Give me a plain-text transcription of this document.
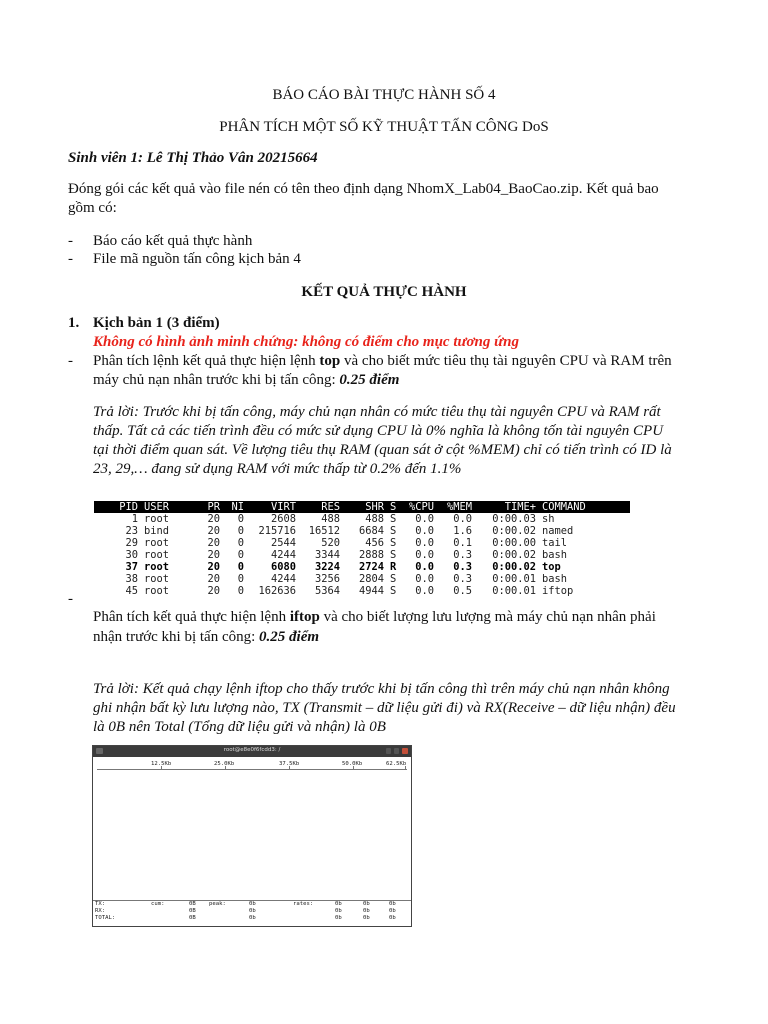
BÁO CÁO BÀI THỰC HÀNH SỐ 4
PHÂN TÍCH MỘT SỐ KỸ THUẬT TẤN CÔNG DoS
Sinh viên 1: Lê Thị Thảo Vân 20215664
Đóng gói các kết quả vào file nén có tên theo định dạng NhomX_Lab04_BaoCao.zip. Kết quả bao
gồm có:
- Báo cáo kết quả thực hành
- File mã nguồn tấn công kịch bản 4
KẾT QUẢ THỰC HÀNH
1. Kịch bản 1 (3 điểm)
Không có hình ảnh minh chứng: không có điểm cho mục tương ứng
- Phân tích lệnh kết quả thực hiện lệnh top và cho biết mức tiêu thụ tài nguyên CPU và RAM trên
máy chủ nạn nhân trước khi bị tấn công: 0.25 điểm
Trả lời: Trước khi bị tấn công, máy chủ nạn nhân có mức tiêu thụ tài nguyên CPU và RAM rất
thấp. Tất cả các tiến trình đều có mức sử dụng CPU là 0% nghĩa là không tốn tài nguyên CPU
tại thời điểm quan sát. Về lượng tiêu thụ RAM (quan sát ở cột %MEM) chỉ có tiến trình có ID là
23, 29,… đang sử dụng RAM với mức thấp từ 0.2% đến 1.1%
PID USER	PR	NI	VIRT	RES	SHR S	%CPU	%MEM	TIME+ COMMAND
1 root	20	0	2608	488	488 S	0.0	0.0	0:00.03 sh
23 bind	20	0	215716	16512	6684 S	0.0	1.6	0:00.02 named
29 root	20	0	2544	520	456 S	0.0	0.1	0:00.00 tail
30 root	20	0	4244	3344	2888 S	0.0	0.3	0:00.02 bash
37 root	20	0	6080	3224	2724 R	0.0	0.3	0:00.02 top
38 root	20	0	4244	3256	2804 S	0.0	0.3	0:00.01 bash
45 root	20	0	162636	5364	4944 S	0.0	0.5	0:00.01 iftop
-
Phân tích kết quả thực hiện lệnh iftop và cho biết lượng lưu lượng mà máy chủ nạn nhân phải
nhận trước khi bị tấn công: 0.25 điểm
Trả lời: Kết quả chạy lệnh iftop cho thấy trước khi bị tấn công thì trên máy chủ nạn nhân không
ghi nhận bất kỳ lưu lượng nào, TX (Transmit – dữ liệu gửi đi) và RX(Receive – dữ liệu nhận) đều
là 0B nên Total (Tổng dữ liệu gửi và nhận) là 0B
root@e8e0f6fcdd3: /
12.5Kb	25.0Kb	37.5Kb	50.0Kb	62.5Kb
TX:	cum:	0B peak:	0b	rates:	0b	0b	0b
RX:	0B	0b	0b	0b	0b
TOTAL:	0B	0b	0b	0b	0b
